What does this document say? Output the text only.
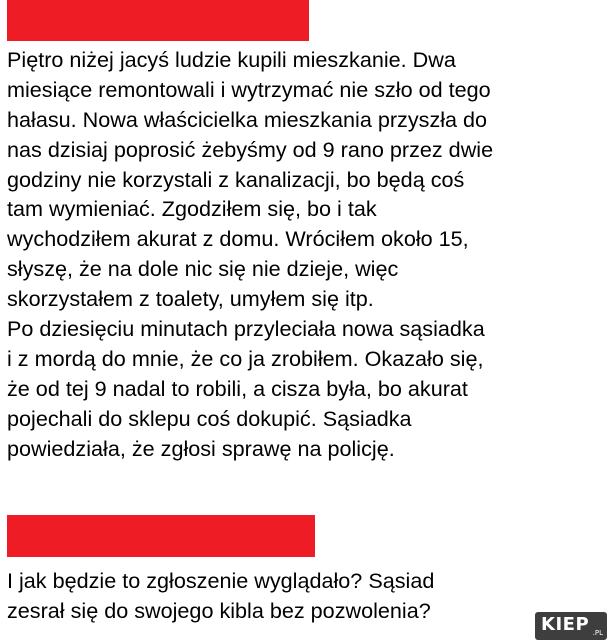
Piętro niżej jacyś ludzie kupili mieszkanie. Dwa
miesiące remontowali i wytrzymać nie szło od tego
hałasu. Nowa właścicielka mieszkania przyszła do
nas dzisiaj poprosić żebyśmy od 9 rano przez dwie
godziny nie korzystali z kanalizacji, bo będą coś
tam wymieniać. Zgodziłem się, bo i tak
wychodziłem akurat z domu. Wróciłem około 15,
słyszę, że na dole nic się nie dzieje, więc
skorzystałem z toalety, umyłem się itp.
Po dziesięciu minutach przyleciała nowa sąsiadka
i z mordą do mnie, że co ja zrobiłem. Okazało się,
że od tej 9 nadal to robili, a cisza była, bo akurat
pojechali do sklepu coś dokupić. Sąsiadka
powiedziała, że zgłosi sprawę na policję.
I jak będzie to zgłoszenie wyglądało? Sąsiad
zesrał się do swojego kibla bez pozwolenia?
KIEP .PL
